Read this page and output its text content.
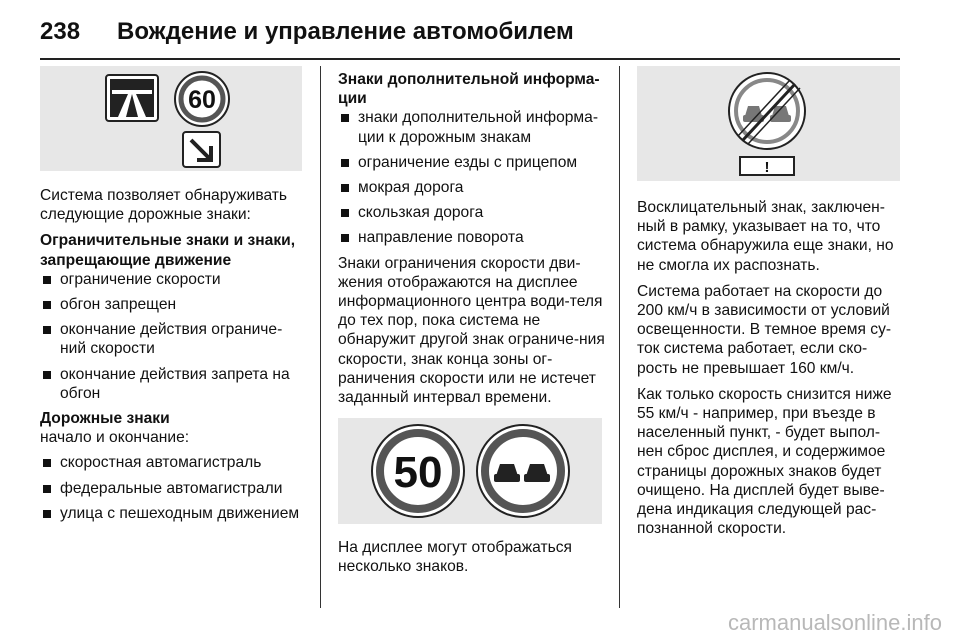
238 Вождение и управление автомобилем
60

Система позволяет обнаруживать следующие дорожные знаки:

Ограничительные знаки и знаки, запрещающие движение
ограничение скорости
обгон запрещен
окончание действия ограниче-ний скорости
окончание действия запрета на обгон
Дорожные знаки

начало и окончание:

скоростная автомагистраль
федеральные автомагистрали
улица с пешеходным движением
Знаки дополнительной информа-ции
знаки дополнительной информа-ции к дорожным знакам
ограничение езды с прицепом
мокрая дорога
скользкая дорога
направление поворота

Знаки ограничения скорости дви-жения отображаются на дисплее информационного центра води-теля до тех пор, пока система не обнаружит другой знак ограниче-ния скорости, знак конца зоны ог-раничения скорости или не истечет заданный интервал времени.

50

На дисплее могут отображаться несколько знаков.

!

Восклицательный знак, заключен-ный в рамку, указывает на то, что система обнаружила еще знаки, но не смогла их распознать.

Система работает на скорости до 200 км/ч в зависимости от условий освещенности. В темное время су-ток система работает, если ско-рость не превышает 160 км/ч.

Как только скорость снизится ниже 55 км/ч - например, при въезде в населенный пункт, - будет выпол-нен сброс дисплея, и содержимое страницы дорожных знаков будет очищено. На дисплей будет выве-дена индикация следующей рас-познанной скорости.

carmanualsonline.info
